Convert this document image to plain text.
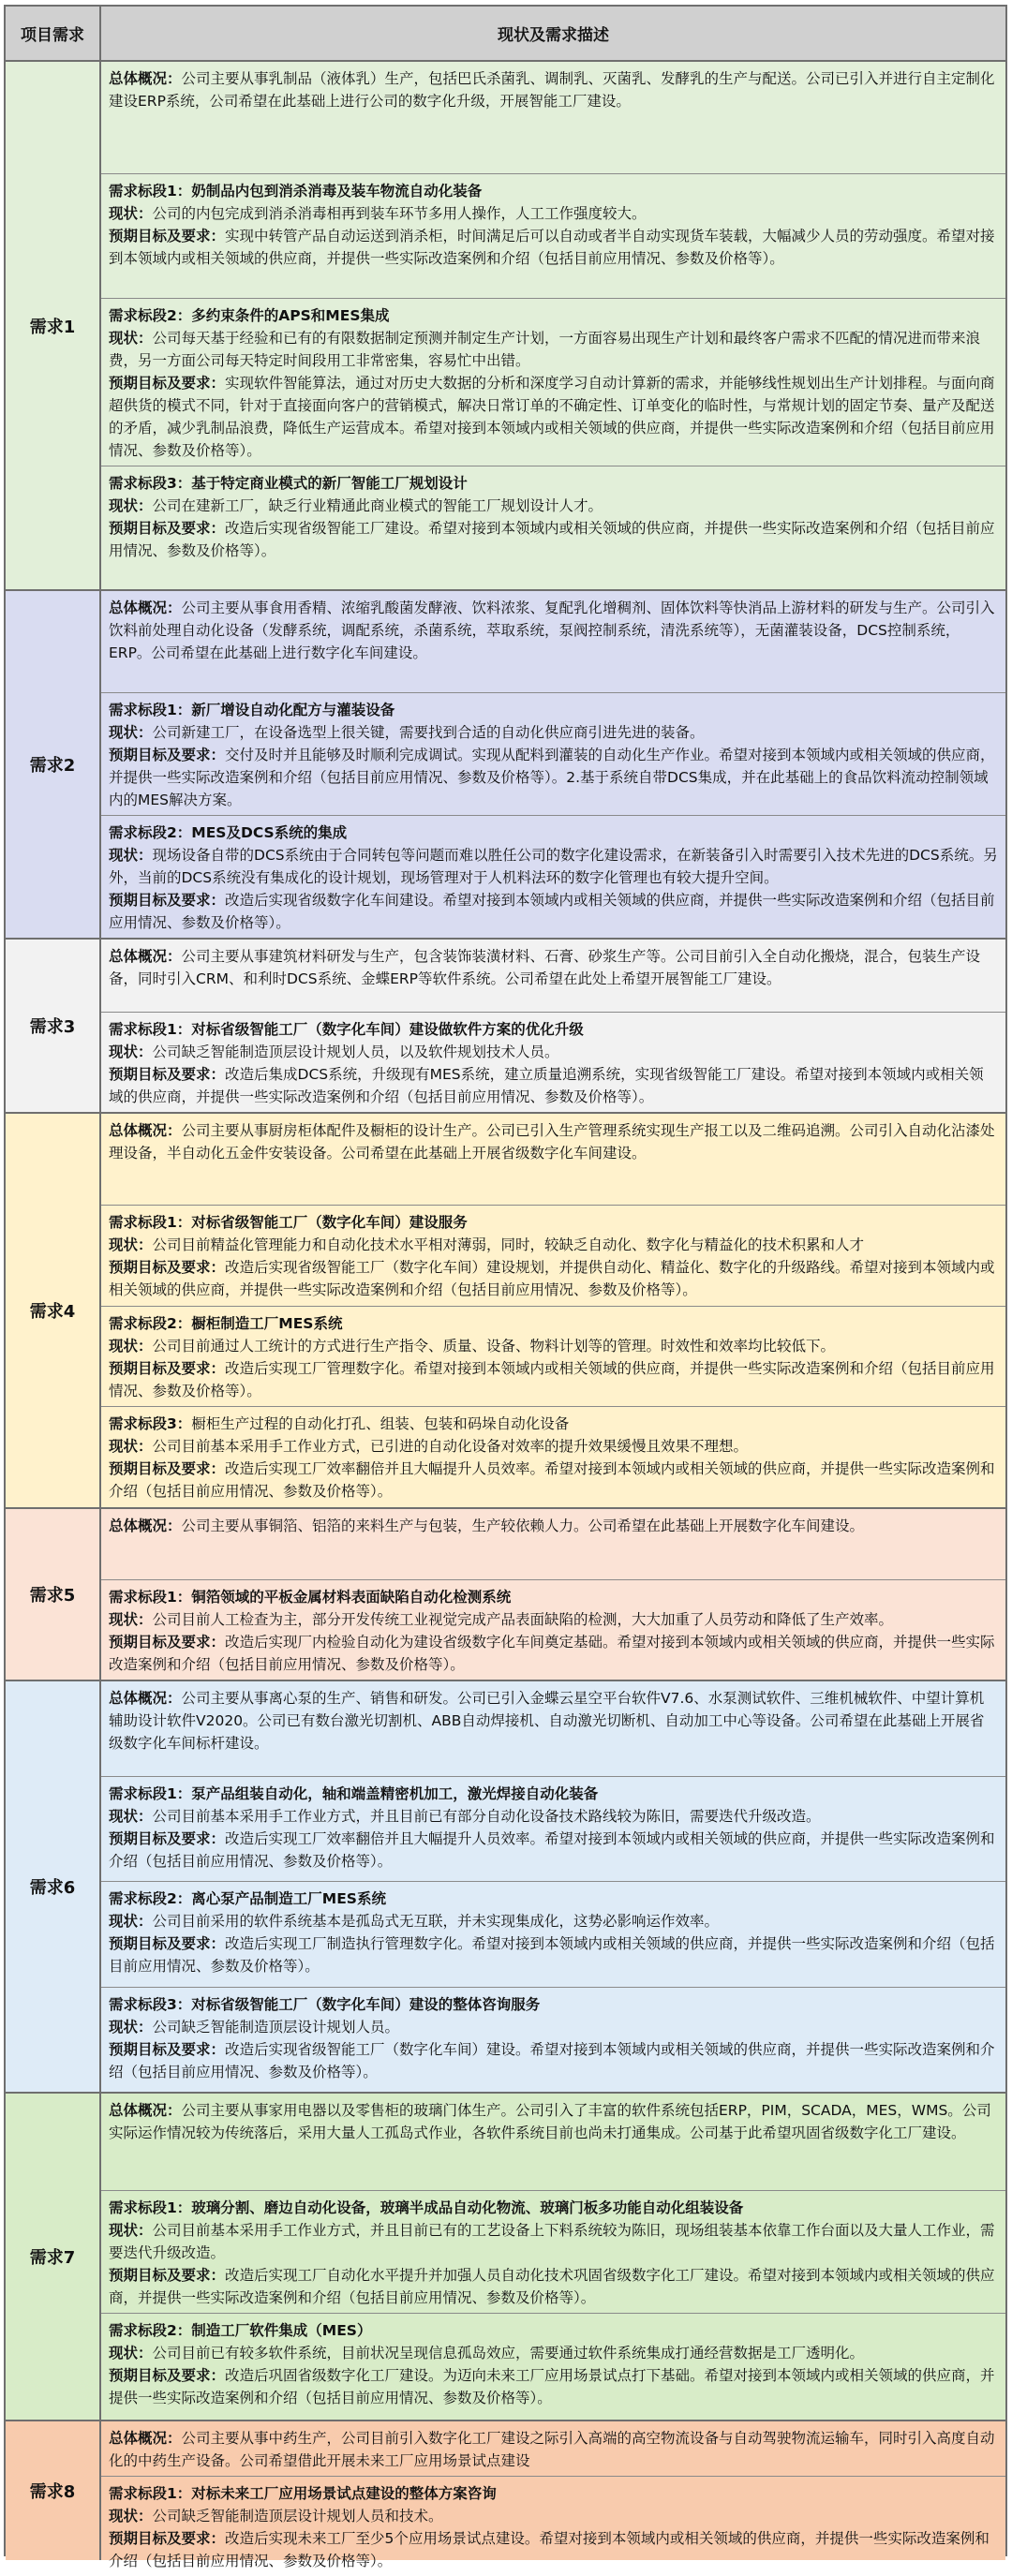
项目需求	现状及需求描述
需求1
总体概况：公司主要从事乳制品（液体乳）生产，包括巴氏杀菌乳、调制乳、灭菌乳、发酵乳的生产与配送。公司已引入并进行自主定制化建设ERP系统，公司希望在此基础上进行公司的数字化升级，开展智能工厂建设。
需求标段1：奶制品内包到消杀消毒及装车物流自动化装备
现状：公司的内包完成到消杀消毒相再到装车环节多用人操作，人工工作强度较大。
预期目标及要求：实现中转管产品自动运送到消杀柜，时间满足后可以自动或者半自动实现货车装载，大幅减少人员的劳动强度。希望对接到本领域内或相关领域的供应商，并提供一些实际改造案例和介绍（包括目前应用情况、参数及价格等）。
需求标段2：多约束条件的APS和MES集成
现状：公司每天基于经验和已有的有限数据制定预测并制定生产计划，一方面容易出现生产计划和最终客户需求不匹配的情况进而带来浪费，另一方面公司每天特定时间段用工非常密集，容易忙中出错。
预期目标及要求：实现软件智能算法，通过对历史大数据的分析和深度学习自动计算新的需求，并能够线性规划出生产计划排程。与面向商超供货的模式不同，针对于直接面向客户的营销模式，解决日常订单的不确定性、订单变化的临时性，与常规计划的固定节奏、量产及配送的矛盾，减少乳制品浪费，降低生产运营成本。希望对接到本领域内或相关领域的供应商，并提供一些实际改造案例和介绍（包括目前应用情况、参数及价格等）。
需求标段3：基于特定商业模式的新厂智能工厂规划设计
现状：公司在建新工厂，缺乏行业精通此商业模式的智能工厂规划设计人才。
预期目标及要求：改造后实现省级智能工厂建设。希望对接到本领域内或相关领域的供应商，并提供一些实际改造案例和介绍（包括目前应用情况、参数及价格等）。
需求2
总体概况：公司主要从事食用香精、浓缩乳酸菌发酵液、饮料浓浆、复配乳化增稠剂、固体饮料等快消品上游材料的研发与生产。公司引入饮料前处理自动化设备（发酵系统，调配系统，杀菌系统，萃取系统，泵阀控制系统，清洗系统等），无菌灌装设备，DCS控制系统，ERP。公司希望在此基础上进行数字化车间建设。
需求标段1：新厂增设自动化配方与灌装设备
现状：公司新建工厂，在设备选型上很关键，需要找到合适的自动化供应商引进先进的装备。
预期目标及要求：交付及时并且能够及时顺利完成调试。实现从配料到灌装的自动化生产作业。希望对接到本领域内或相关领域的供应商，并提供一些实际改造案例和介绍（包括目前应用情况、参数及价格等）。2.基于系统自带DCS集成，并在此基础上的食品饮料流动控制领域内的MES解决方案。
需求标段2：MES及DCS系统的集成
现状：现场设备自带的DCS系统由于合同转包等问题而难以胜任公司的数字化建设需求，在新装备引入时需要引入技术先进的DCS系统。另外，当前的DCS系统没有集成化的设计规划，现场管理对于人机料法环的数字化管理也有较大提升空间。
预期目标及要求：改造后实现省级数字化车间建设。希望对接到本领域内或相关领域的供应商，并提供一些实际改造案例和介绍（包括目前应用情况、参数及价格等）。
需求3
总体概况：公司主要从事建筑材料研发与生产，包含装饰装潢材料、石膏、砂浆生产等。公司目前引入全自动化搬烧，混合，包装生产设备，同时引入CRM、和利时DCS系统、金蝶ERP等软件系统。公司希望在此处上希望开展智能工厂建设。
需求标段1：对标省级智能工厂（数字化车间）建设做软件方案的优化升级
现状：公司缺乏智能制造顶层设计规划人员，以及软件规划技术人员。
预期目标及要求：改造后集成DCS系统，升级现有MES系统，建立质量追溯系统，实现省级智能工厂建设。希望对接到本领域内或相关领域的供应商，并提供一些实际改造案例和介绍（包括目前应用情况、参数及价格等）。
需求4
总体概况：公司主要从事厨房柜体配件及橱柜的设计生产。公司已引入生产管理系统实现生产报工以及二维码追溯。公司引入自动化沾漆处理设备，半自动化五金件安装设备。公司希望在此基础上开展省级数字化车间建设。
需求标段1：对标省级智能工厂（数字化车间）建设服务
现状：公司目前精益化管理能力和自动化技术水平相对薄弱，同时，较缺乏自动化、数字化与精益化的技术积累和人才
预期目标及要求：改造后实现省级智能工厂（数字化车间）建设规划，并提供自动化、精益化、数字化的升级路线。希望对接到本领域内或相关领域的供应商，并提供一些实际改造案例和介绍（包括目前应用情况、参数及价格等）。
需求标段2：橱柜制造工厂MES系统
现状：公司目前通过人工统计的方式进行生产指令、质量、设备、物料计划等的管理。时效性和效率均比较低下。
预期目标及要求：改造后实现工厂管理数字化。希望对接到本领域内或相关领域的供应商，并提供一些实际改造案例和介绍（包括目前应用情况、参数及价格等）。
需求标段3：橱柜生产过程的自动化打孔、组装、包装和码垛自动化设备
现状：公司目前基本采用手工作业方式，已引进的自动化设备对效率的提升效果缓慢且效果不理想。
预期目标及要求：改造后实现工厂效率翻倍并且大幅提升人员效率。希望对接到本领域内或相关领域的供应商，并提供一些实际改造案例和介绍（包括目前应用情况、参数及价格等）。
需求5
总体概况：公司主要从事铜箔、铝箔的来料生产与包装，生产较依赖人力。公司希望在此基础上开展数字化车间建设。
需求标段1：铜箔领域的平板金属材料表面缺陷自动化检测系统
现状：公司目前人工检查为主，部分开发传统工业视觉完成产品表面缺陷的检测，大大加重了人员劳动和降低了生产效率。
预期目标及要求：改造后实现厂内检验自动化为建设省级数字化车间奠定基础。希望对接到本领域内或相关领域的供应商，并提供一些实际改造案例和介绍（包括目前应用情况、参数及价格等）。
需求6
总体概况：公司主要从事离心泵的生产、销售和研发。公司已引入金蝶云星空平台软件V7.6、水泵测试软件、三维机械软件、中望计算机辅助设计软件V2020。公司已有数台激光切割机、ABB自动焊接机、自动激光切断机、自动加工中心等设备。公司希望在此基础上开展省级数字化车间标杆建设。
需求标段1：泵产品组装自动化，轴和端盖精密机加工，激光焊接自动化装备
现状：公司目前基本采用手工作业方式，并且目前已有部分自动化设备技术路线较为陈旧，需要迭代升级改造。
预期目标及要求：改造后实现工厂效率翻倍并且大幅提升人员效率。希望对接到本领域内或相关领域的供应商，并提供一些实际改造案例和介绍（包括目前应用情况、参数及价格等）。
需求标段2：离心泵产品制造工厂MES系统
现状：公司目前采用的软件系统基本是孤岛式无互联，并未实现集成化，这势必影响运作效率。
预期目标及要求：改造后实现工厂制造执行管理数字化。希望对接到本领域内或相关领域的供应商，并提供一些实际改造案例和介绍（包括目前应用情况、参数及价格等）。
需求标段3：对标省级智能工厂（数字化车间）建设的整体咨询服务
现状：公司缺乏智能制造顶层设计规划人员。
预期目标及要求：改造后实现省级智能工厂（数字化车间）建设。希望对接到本领域内或相关领域的供应商，并提供一些实际改造案例和介绍（包括目前应用情况、参数及价格等）。
需求7
总体概况：公司主要从事家用电器以及零售柜的玻璃门体生产。公司引入了丰富的软件系统包括ERP，PIM，SCADA，MES，WMS。公司实际运作情况较为传统落后，采用大量人工孤岛式作业，各软件系统目前也尚未打通集成。公司基于此希望巩固省级数字化工厂建设。
需求标段1：玻璃分割、磨边自动化设备，玻璃半成品自动化物流、玻璃门板多功能自动化组装设备
现状：公司目前基本采用手工作业方式，并且目前已有的工艺设备上下料系统较为陈旧，现场组装基本依靠工作台面以及大量人工作业，需要迭代升级改造。
预期目标及要求：改造后实现工厂自动化水平提升并加强人员自动化技术巩固省级数字化工厂建设。希望对接到本领域内或相关领域的供应商，并提供一些实际改造案例和介绍（包括目前应用情况、参数及价格等）。
需求标段2：制造工厂软件集成（MES）
现状：公司目前已有较多软件系统，目前状况呈现信息孤岛效应，需要通过软件系统集成打通经营数据是工厂透明化。
预期目标及要求：改造后巩固省级数字化工厂建设。为迈向未来工厂应用场景试点打下基础。希望对接到本领域内或相关领域的供应商，并提供一些实际改造案例和介绍（包括目前应用情况、参数及价格等）。
需求8
总体概况：公司主要从事中药生产，公司目前引入数字化工厂建设之际引入高端的高空物流设备与自动驾驶物流运输车，同时引入高度自动化的中药生产设备。公司希望借此开展未来工厂应用场景试点建设
需求标段1：对标未来工厂应用场景试点建设的整体方案咨询
现状：公司缺乏智能制造顶层设计规划人员和技术。
预期目标及要求：改造后实现未来工厂至少5个应用场景试点建设。希望对接到本领域内或相关领域的供应商，并提供一些实际改造案例和介绍（包括目前应用情况、参数及价格等）。
